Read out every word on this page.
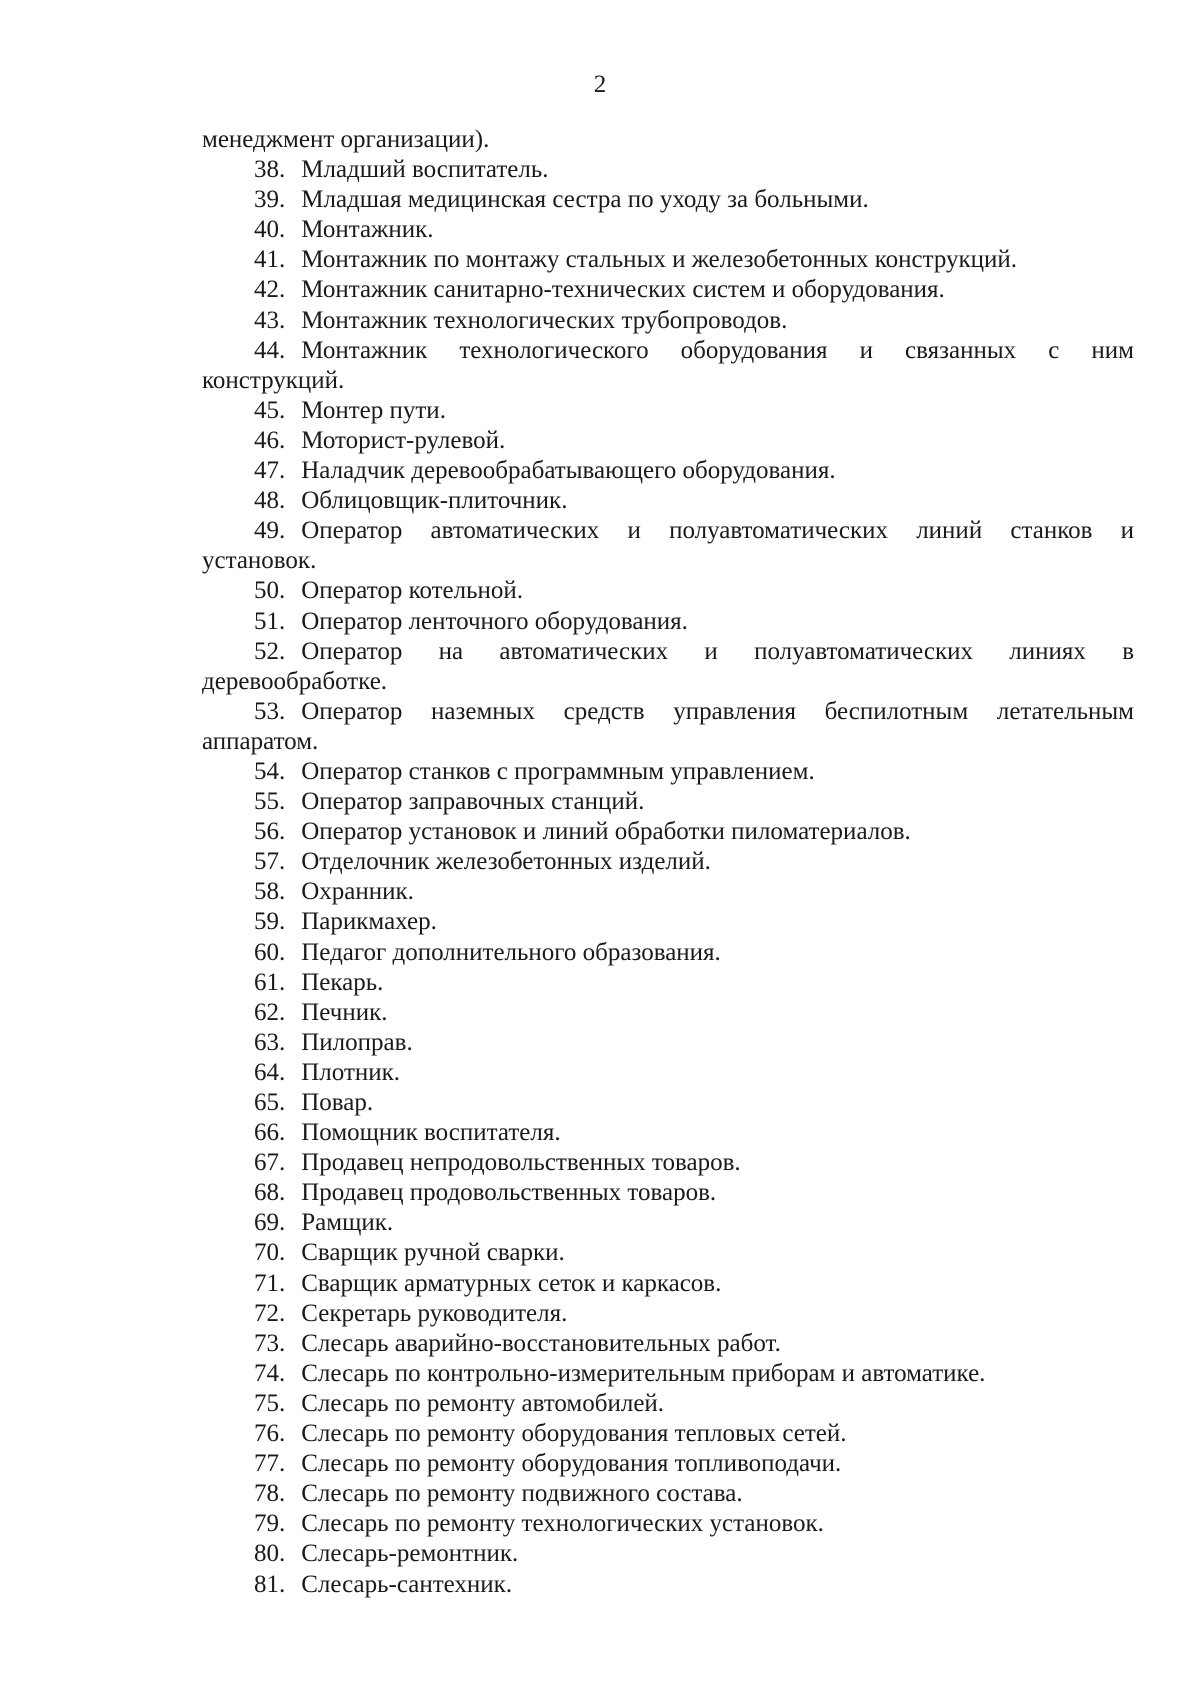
2

менеджмент организации).

38. Младший воспитатель.
39. Младшая медицинская сестра по уходу за больными.
40. Монтажник.
41. Монтажник по монтажу стальных и железобетонных конструкций.
42. Монтажник санитарно-технических систем и оборудования.
43. Монтажник технологических трубопроводов.
44. Монтажник технологического оборудования и связанных с ним
конструкций.
45. Монтер пути.
46. Моторист-рулевой.
47. Наладчик деревообрабатывающего оборудования.
48. Облицовщик-плиточник.
49. Оператор автоматических и полуавтоматических линий станков и
установок.
50. Оператор котельной.
51. Оператор ленточного оборудования.
52. Оператор на автоматических и полуавтоматических линиях в
деревообработке.
53. Оператор наземных средств управления беспилотным летательным
аппаратом.
54. Оператор станков с программным управлением.
55. Оператор заправочных станций.
56. Оператор установок и линий обработки пиломатериалов.
57. Отделочник железобетонных изделий.
58. Охранник.
59. Парикмахер.
60. Педагог дополнительного образования.
61. Пекарь.
62. Печник.
63. Пилоправ.
64. Плотник.
65. Повар.
66. Помощник воспитателя.
67. Продавец непродовольственных товаров.
68. Продавец продовольственных товаров.
69. Рамщик.
70. Сварщик ручной сварки.
71. Сварщик арматурных сеток и каркасов.
72. Секретарь руководителя.
73. Слесарь аварийно-восстановительных работ.
74. Слесарь по контрольно-измерительным приборам и автоматике.
75. Слесарь по ремонту автомобилей.
76. Слесарь по ремонту оборудования тепловых сетей.
77. Слесарь по ремонту оборудования топливоподачи.
78. Слесарь по ремонту подвижного состава.
79. Слесарь по ремонту технологических установок.
80. Слесарь-ремонтник.
81. Слесарь-сантехник.
